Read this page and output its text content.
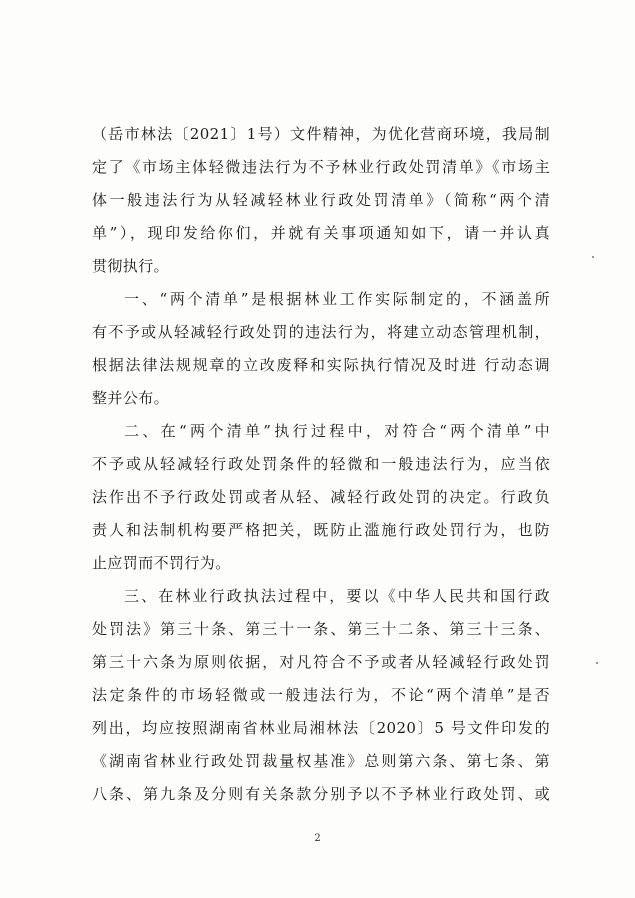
（岳市林法〔2021〕1号）文件精神，为优化营商环境，我局制
定了《市场主体轻微违法行为不予林业行政处罚清单》《市场主
体一般违法行为从轻减轻林业行政处罚清单》（简称“两个清
单”），现印发给你们，并就有关事项通知如下，请一并认真
贯彻执行。
一、“两个清单”是根据林业工作实际制定的，不涵盖所
有不予或从轻减轻行政处罚的违法行为，将建立动态管理机制，
根据法律法规规章的立改废释和实际执行情况及时进 行动态调
整并公布。
二、在“两个清单”执行过程中，对符合“两个清单”中
不予或从轻减轻行政处罚条件的轻微和一般违法行为，应当依
法作出不予行政处罚或者从轻、减轻行政处罚的决定。行政负
责人和法制机构要严格把关，既防止滥施行政处罚行为，也防
止应罚而不罚行为。
三、在林业行政执法过程中，要以《中华人民共和国行政
处罚法》第三十条、第三十一条、第三十二条、第三十三条、
第三十六条为原则依据，对凡符合不予或者从轻减轻行政处罚
法定条件的市场轻微或一般违法行为，不论“两个清单”是否
列出，均应按照湖南省林业局湘林法〔2020〕5 号文件印发的
《湖南省林业行政处罚裁量权基准》总则第六条、第七条、第
八条、第九条及分则有关条款分别予以不予林业行政处罚、或
2
